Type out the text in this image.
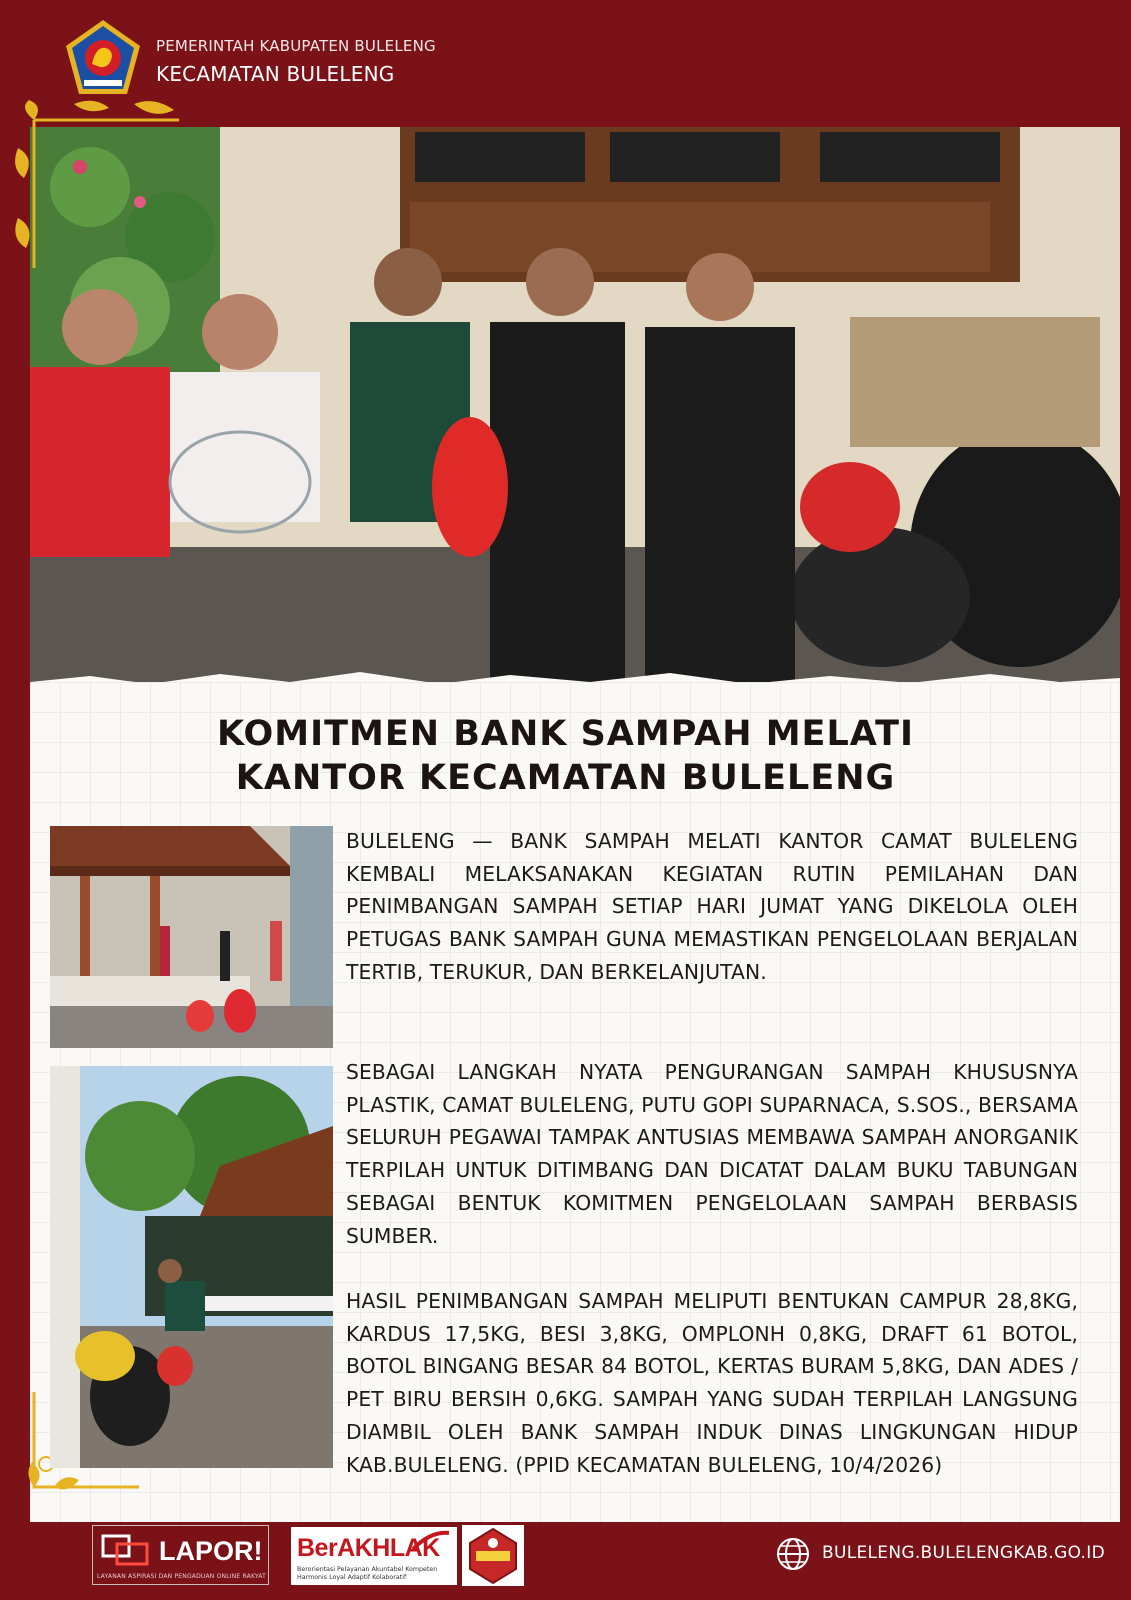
PEMERINTAH KABUPATEN BULELENG
KECAMATAN BULELENG
KOMITMEN BANK SAMPAH MELATI
KANTOR KECAMATAN BULELENG

BULELENG — BANK SAMPAH MELATI KANTOR CAMAT BULELENG KEMBALI MELAKSANAKAN KEGIATAN RUTIN PEMILAHAN DAN PENIMBANGAN SAMPAH SETIAP HARI JUMAT YANG DIKELOLA OLEH PETUGAS BANK SAMPAH GUNA MEMASTIKAN PENGELOLAAN BERJALAN TERTIB, TERUKUR, DAN BERKELANJUTAN.

SEBAGAI LANGKAH NYATA PENGURANGAN SAMPAH KHUSUSNYA PLASTIK, CAMAT BULELENG, PUTU GOPI SUPARNACA, S.SOS., BERSAMA SELURUH PEGAWAI TAMPAK ANTUSIAS MEMBAWA SAMPAH ANORGANIK TERPILAH UNTUK DITIMBANG DAN DICATAT DALAM BUKU TABUNGAN SEBAGAI BENTUK KOMITMEN PENGELOLAAN SAMPAH BERBASIS SUMBER.

HASIL PENIMBANGAN SAMPAH MELIPUTI BENTUKAN CAMPUR 28,8KG, KARDUS 17,5KG, BESI 3,8KG, OMPLONH 0,8KG, DRAFT 61 BOTOL, BOTOL BINGANG BESAR 84 BOTOL, KERTAS BURAM 5,8KG, DAN ADES / PET BIRU BERSIH 0,6KG. SAMPAH YANG SUDAH TERPILAH LANGSUNG DIAMBIL OLEH BANK SAMPAH INDUK DINAS LINGKUNGAN HIDUP KAB.BULELENG. (PPID KECAMATAN BULELENG, 10/4/2026)

LAPOR!
LAYANAN ASPIRASI DAN PENGADUAN ONLINE RAKYAT
BerAKHLAK
Berorientasi Pelayanan Akuntabel Kompeten Harmonis Loyal Adaptif Kolaboratif
BULELENG.BULELENGKAB.GO.ID
